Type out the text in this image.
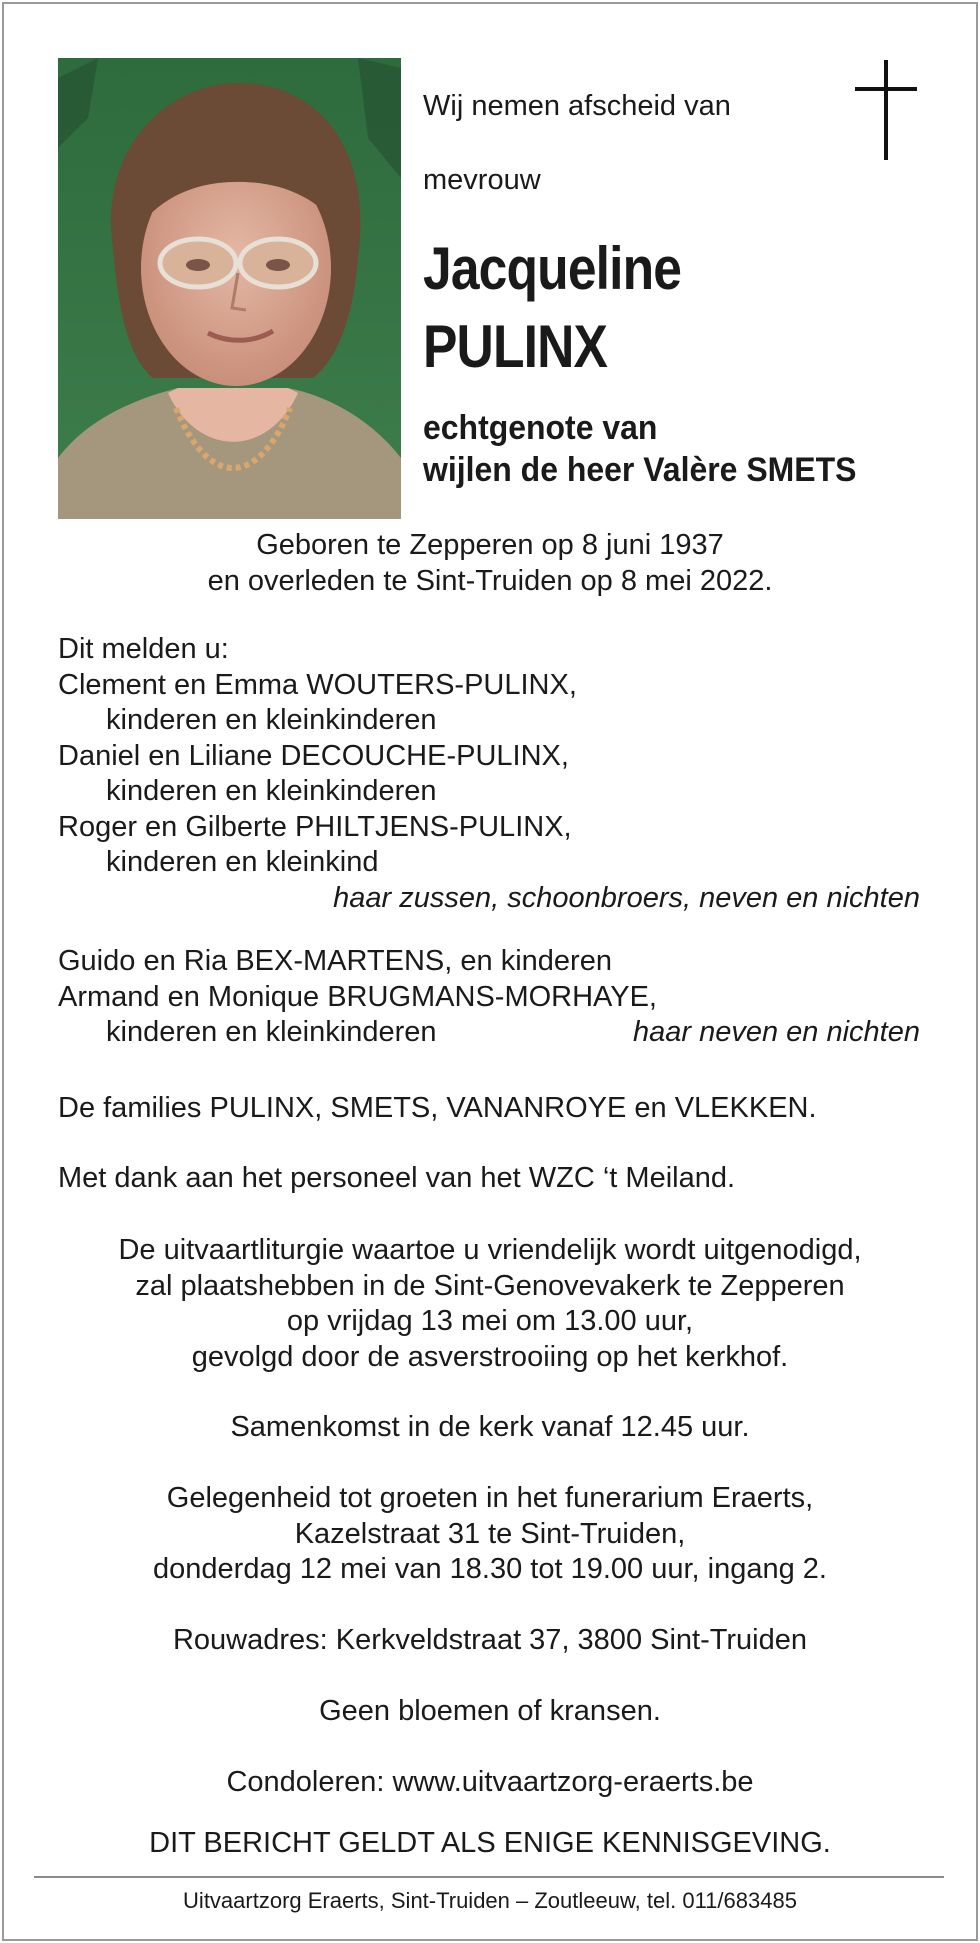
Wij nemen afscheid van
mevrouw
Jacqueline
PULINX
echtgenote van
wijlen de heer Valère SMETS
Geboren te Zepperen op 8 juni 1937
en overleden te Sint-Truiden op 8 mei 2022.
Dit melden u:
Clement en Emma WOUTERS-PULINX,
kinderen en kleinkinderen
Daniel en Liliane DECOUCHE-PULINX,
kinderen en kleinkinderen
Roger en Gilberte PHILTJENS-PULINX,
kinderen en kleinkind
haar zussen, schoonbroers, neven en nichten
Guido en Ria BEX-MARTENS, en kinderen
Armand en Monique BRUGMANS-MORHAYE,
kinderen en kleinkinderen	haar neven en nichten
De families PULINX, SMETS, VANANROYE en VLEKKEN.
Met dank aan het personeel van het WZC ‘t Meiland.
De uitvaartliturgie waartoe u vriendelijk wordt uitgenodigd,
zal plaatshebben in de Sint-Genovevakerk te Zepperen
op vrijdag 13 mei om 13.00 uur,
gevolgd door de asverstrooiing op het kerkhof.
Samenkomst in de kerk vanaf 12.45 uur.
Gelegenheid tot groeten in het funerarium Eraerts,
Kazelstraat 31 te Sint-Truiden,
donderdag 12 mei van 18.30 tot 19.00 uur, ingang 2.
Rouwadres: Kerkveldstraat 37, 3800 Sint-Truiden
Geen bloemen of kransen.
Condoleren: www.uitvaartzorg-eraerts.be
DIT BERICHT GELDT ALS ENIGE KENNISGEVING.
Uitvaartzorg Eraerts, Sint-Truiden – Zoutleeuw, tel. 011/683485
